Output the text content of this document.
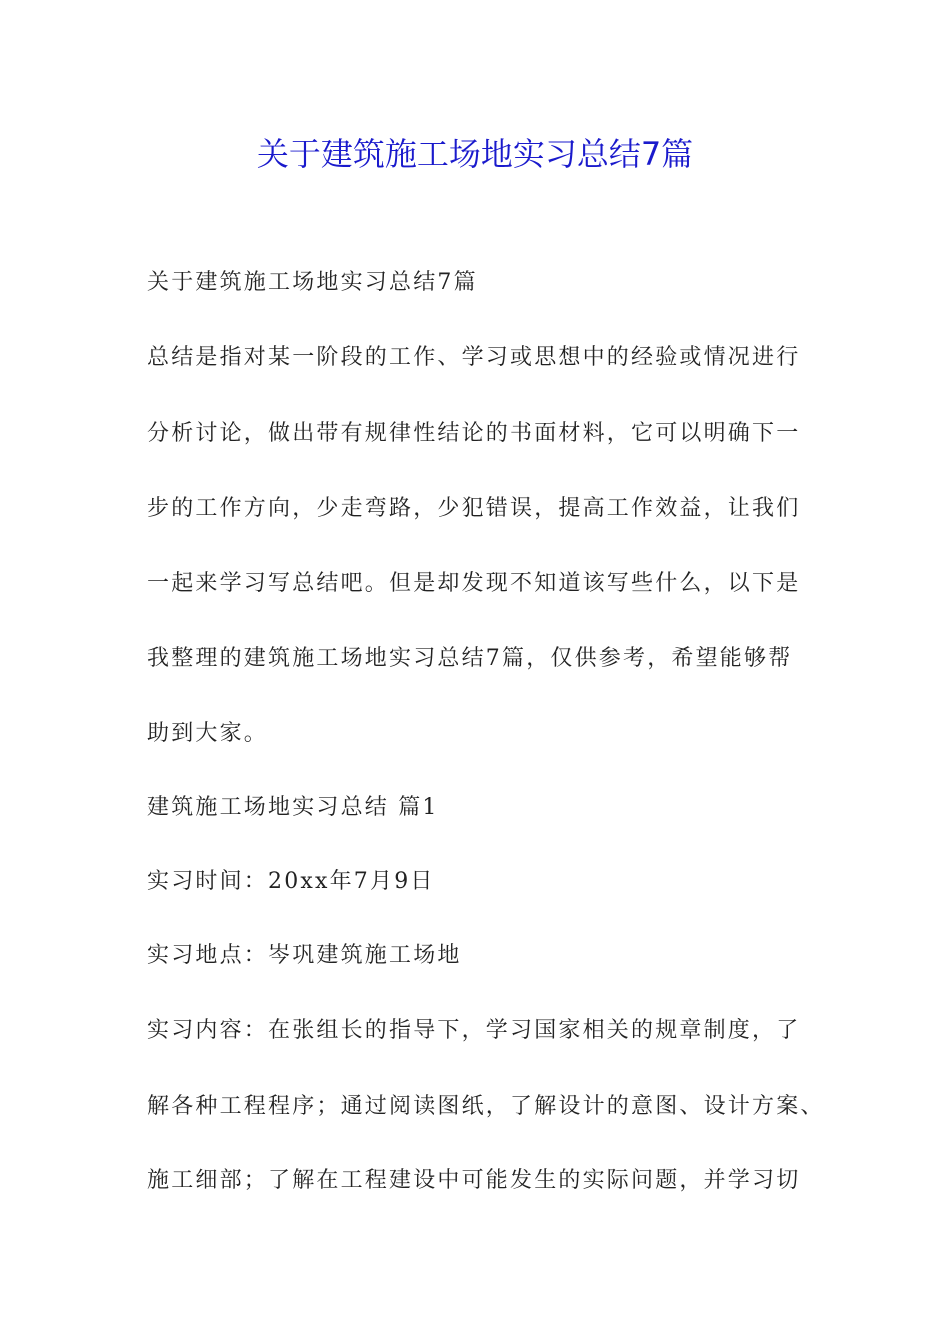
关于建筑施工场地实习总结7篇
关于建筑施工场地实习总结7篇
总结是指对某一阶段的工作、学习或思想中的经验或情况进行
分析讨论，做出带有规律性结论的书面材料，它可以明确下一
步的工作方向，少走弯路，少犯错误，提高工作效益，让我们
一起来学习写总结吧。但是却发现不知道该写些什么，以下是
我整理的建筑施工场地实习总结7篇，仅供参考，希望能够帮
助到大家。
建筑施工场地实习总结 篇1
实习时间：20xx年7月9日
实习地点：岑巩建筑施工场地
实习内容：在张组长的指导下，学习国家相关的规章制度，了
解各种工程程序；通过阅读图纸，了解设计的意图、设计方案、
施工细部；了解在工程建设中可能发生的实际问题，并学习切
